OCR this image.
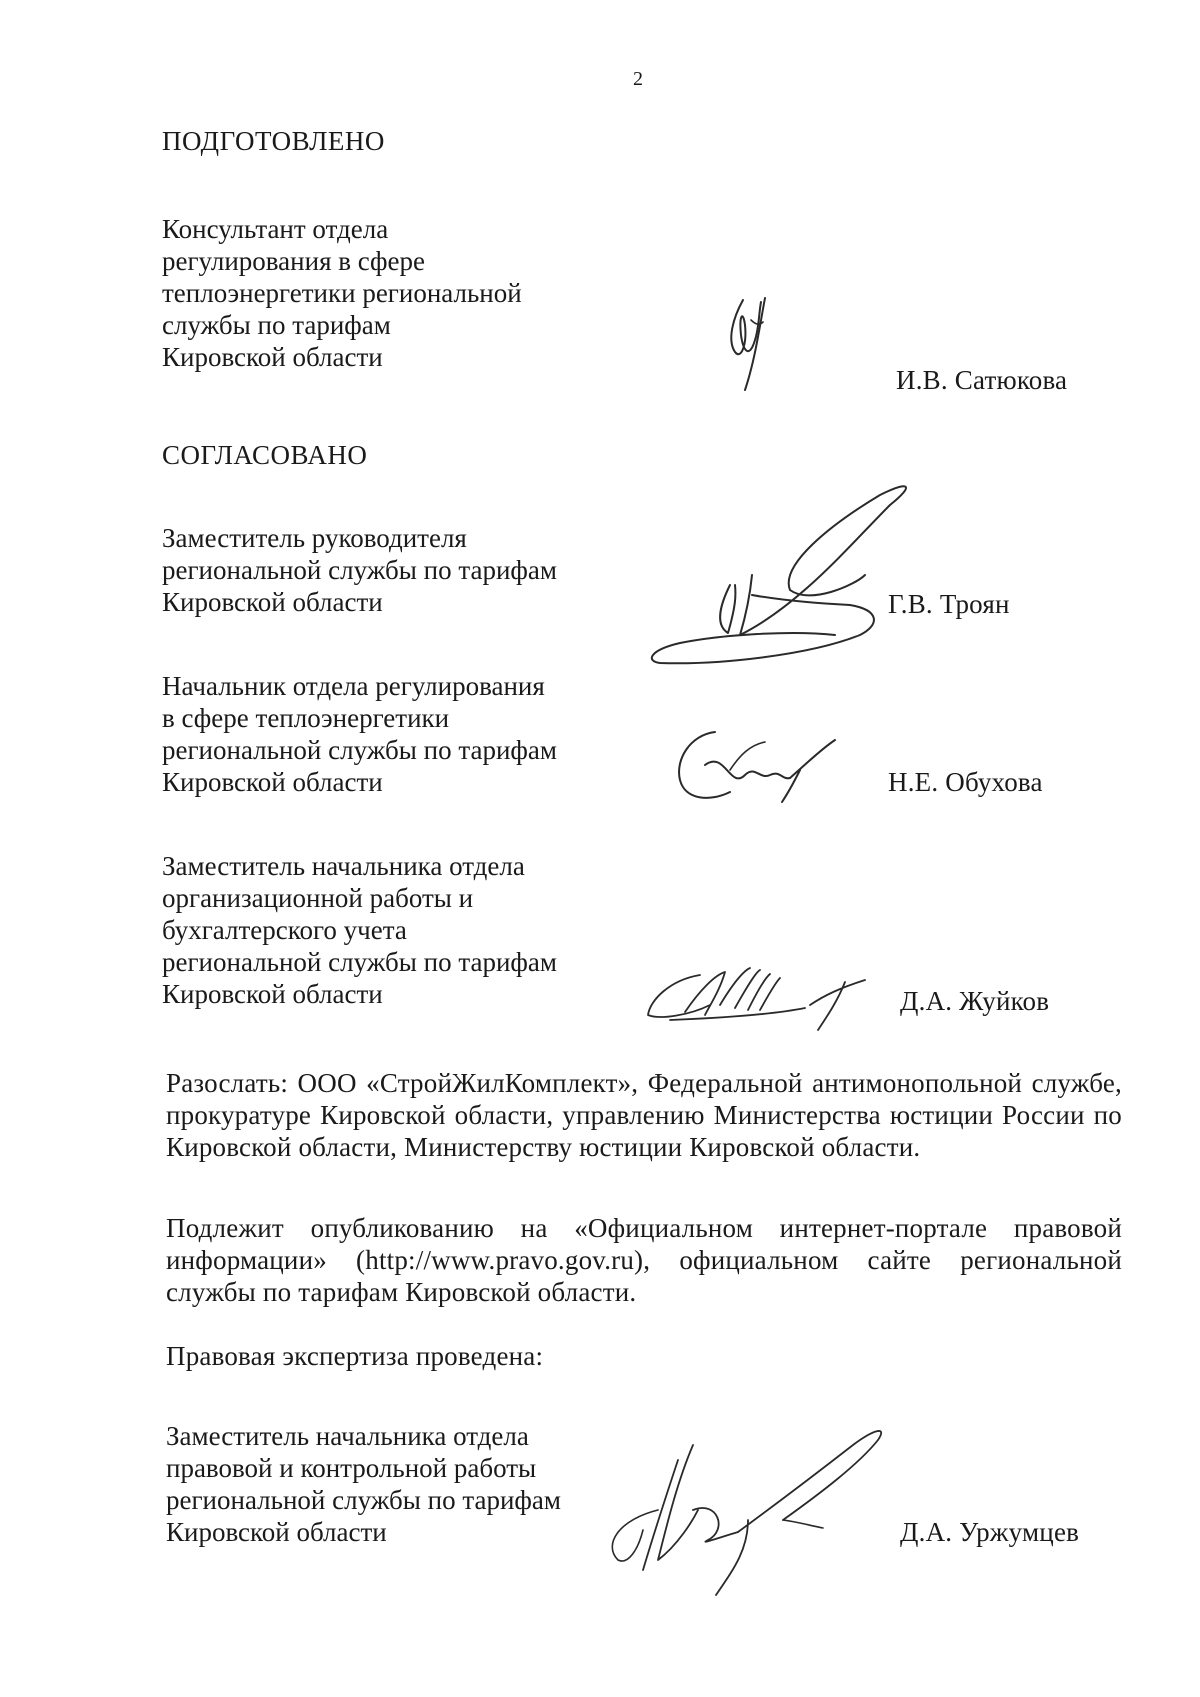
2
ПОДГОТОВЛЕНО

Консультант отдела

регулирования в сфере

теплоэнергетики региональной

службы по тарифам

Кировской области

И.В. Сатюкова
СОГЛАСОВАНО

Заместитель руководителя

региональной службы по тарифам

Кировской области	Г.В. Троян

Начальник отдела регулирования

в сфере теплоэнергетики

региональной службы по тарифам

Кировской области	Н.Е. Обухова

Заместитель начальника отдела

организационной работы и

бухгалтерского учета

региональной службы по тарифам

Кировской области	Д.А. Жуйков
Разослать: ООО «СтройЖилКомплект», Федеральной антимонопольной службе, прокуратуре Кировской области, управлению Министерства юстиции России по Кировской области, Министерству юстиции Кировской области.
Подлежит опубликованию на «Официальном интернет-портале правовой информации» (http://www.pravo.gov.ru), официальном сайте региональной службы по тарифам Кировской области.
Правовая экспертиза проведена:

Заместитель начальника отдела

правовой и контрольной работы

региональной службы по тарифам

Кировской области	Д.А. Уржумцев
